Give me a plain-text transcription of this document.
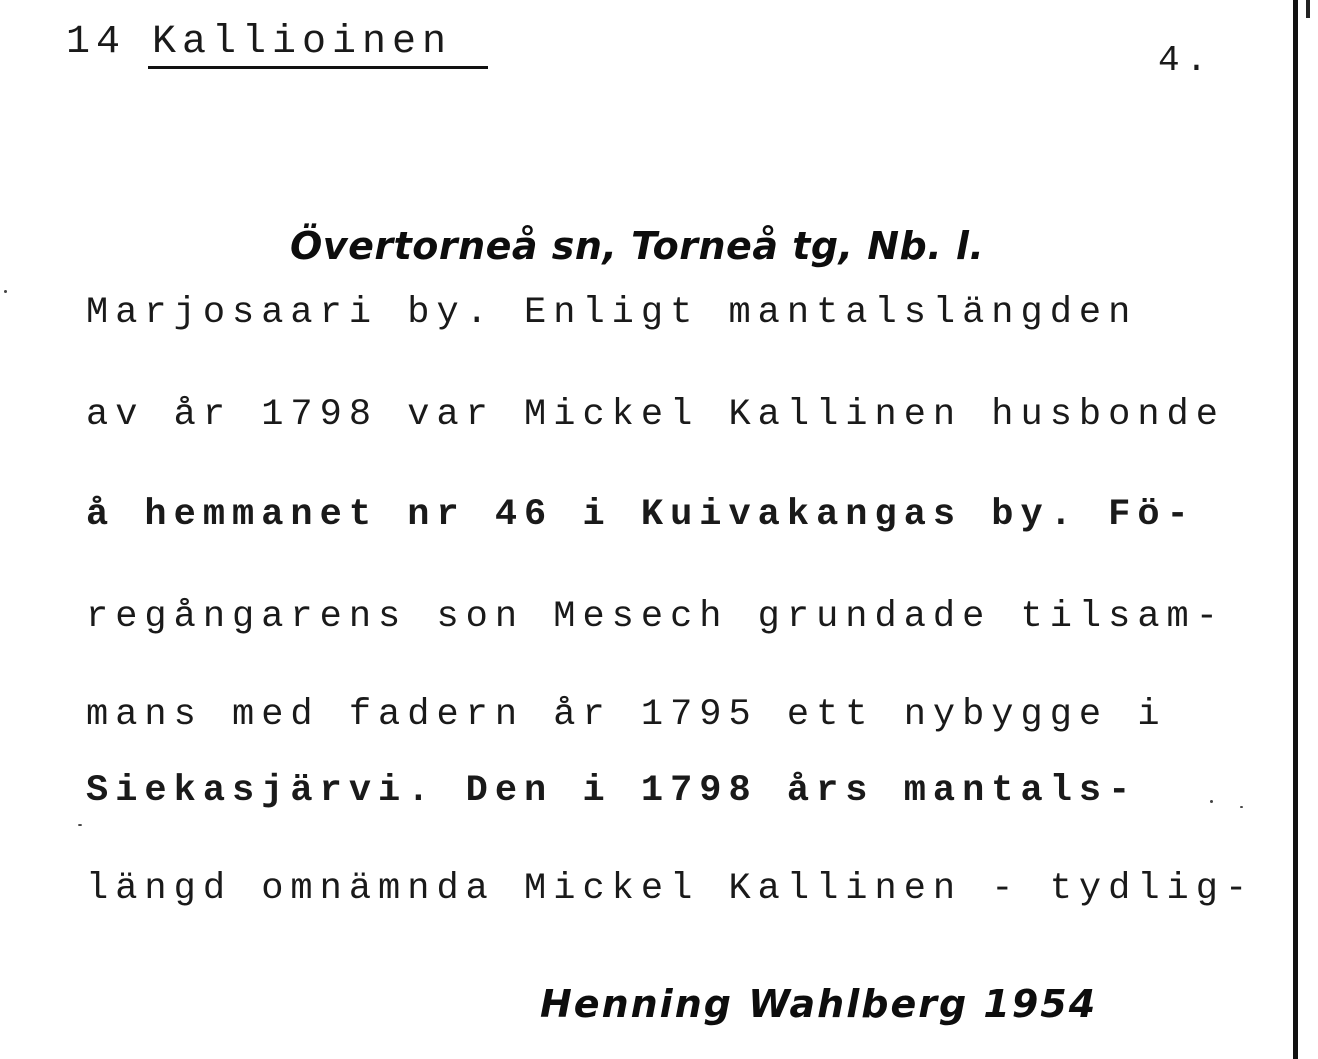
14 Kallioinen	4.
Övertorneå sn, Torneå tg, Nb. l.
Marjosaari by. Enligt mantalslängden
av år 1798 var Mickel Kallinen husbonde
å hemmanet nr 46 i Kuivakangas by. Fö-
regångarens son Mesech grundade tilsam-
mans med fadern år 1795 ett nybygge i
Siekasjärvi. Den i 1798 års mantals-
längd omnämnda Mickel Kallinen - tydlig-
Henning Wahlberg 1954
